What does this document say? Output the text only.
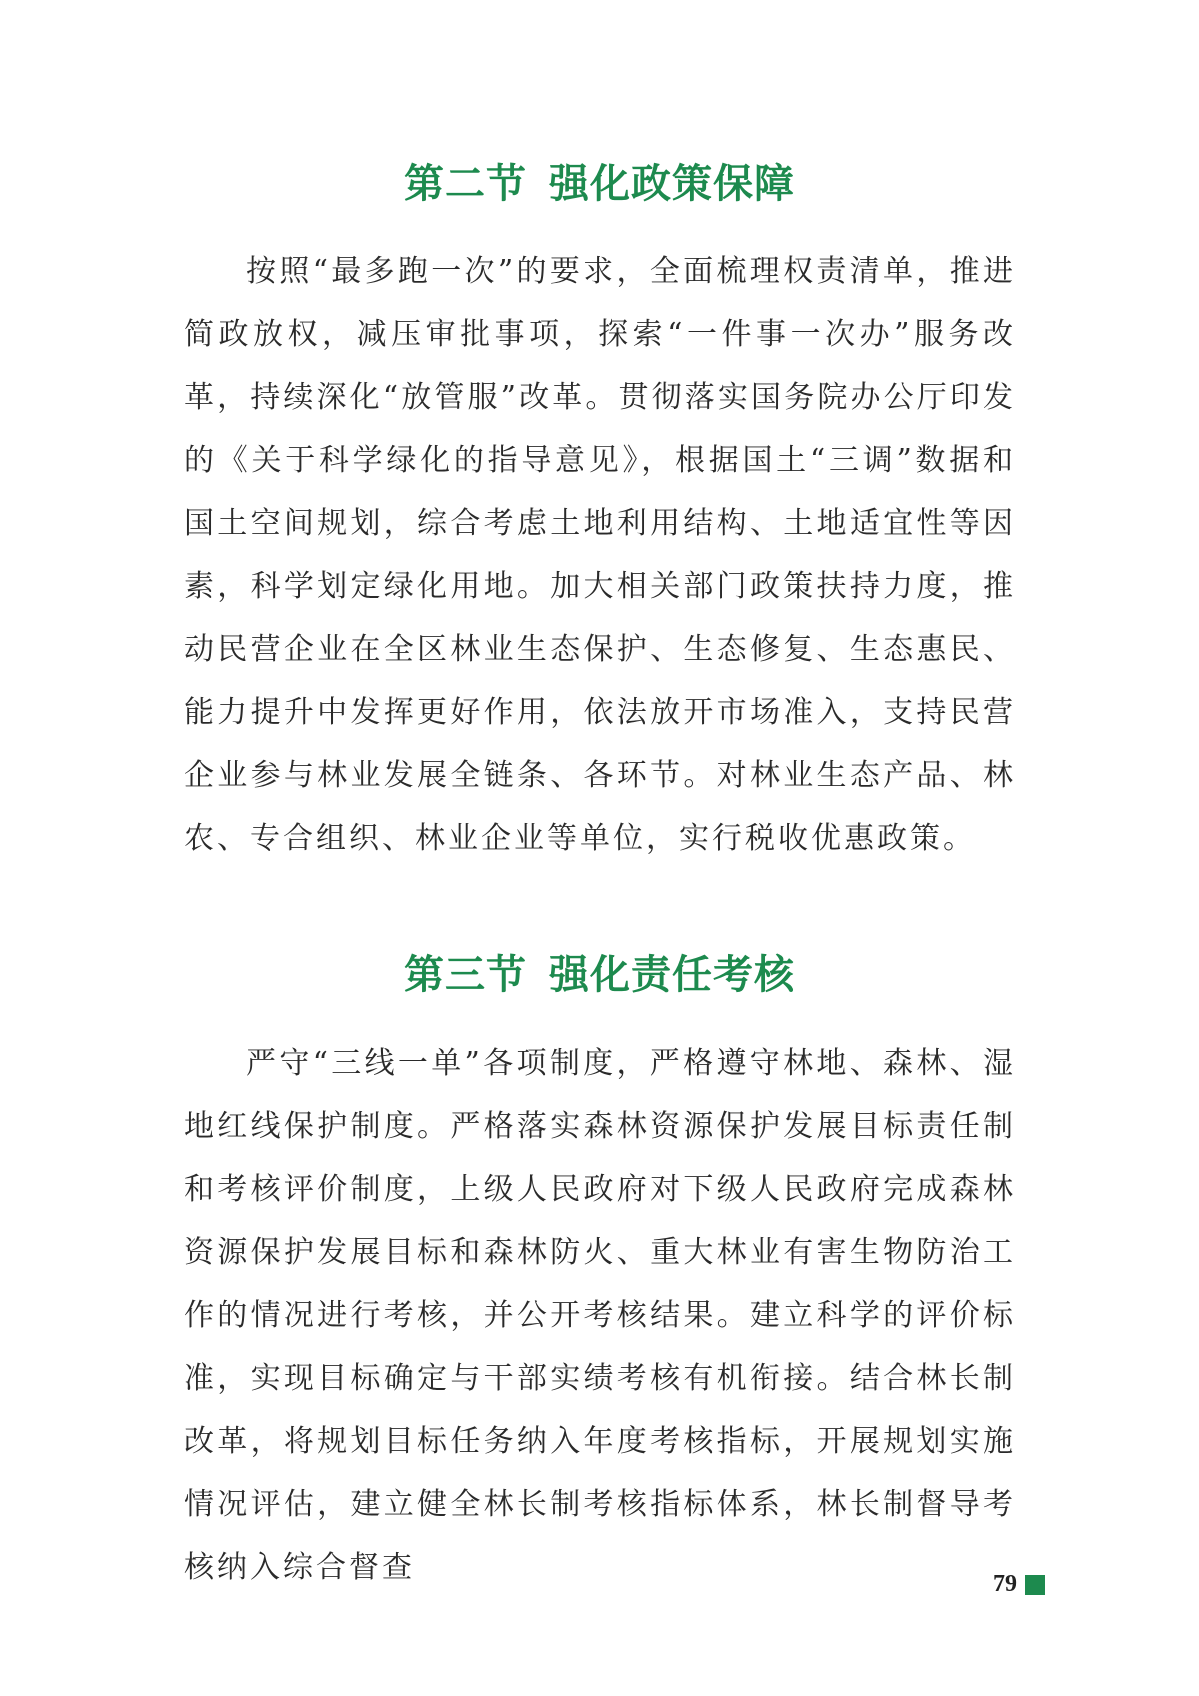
第二节 强化政策保障

按照“最多跑一次”的要求，全面梳理权责清单，推进简政放权，减压审批事项，探索“一件事一次办”服务改革，持续深化“放管服”改革。贯彻落实国务院办公厅印发的《关于科学绿化的指导意见》，根据国土“三调”数据和国土空间规划，综合考虑土地利用结构、土地适宜性等因素，科学划定绿化用地。加大相关部门政策扶持力度，推动民营企业在全区林业生态保护、生态修复、生态惠民、能力提升中发挥更好作用，依法放开市场准入，支持民营企业参与林业发展全链条、各环节。对林业生态产品、林农、专合组织、林业企业等单位，实行税收优惠政策。

第三节 强化责任考核

严守“三线一单”各项制度，严格遵守林地、森林、湿地红线保护制度。严格落实森林资源保护发展目标责任制和考核评价制度，上级人民政府对下级人民政府完成森林资源保护发展目标和森林防火、重大林业有害生物防治工作的情况进行考核，并公开考核结果。建立科学的评价标准，实现目标确定与干部实绩考核有机衔接。结合林长制改革，将规划目标任务纳入年度考核指标，开展规划实施情况评估，建立健全林长制考核指标体系，林长制督导考核纳入综合督查	79
